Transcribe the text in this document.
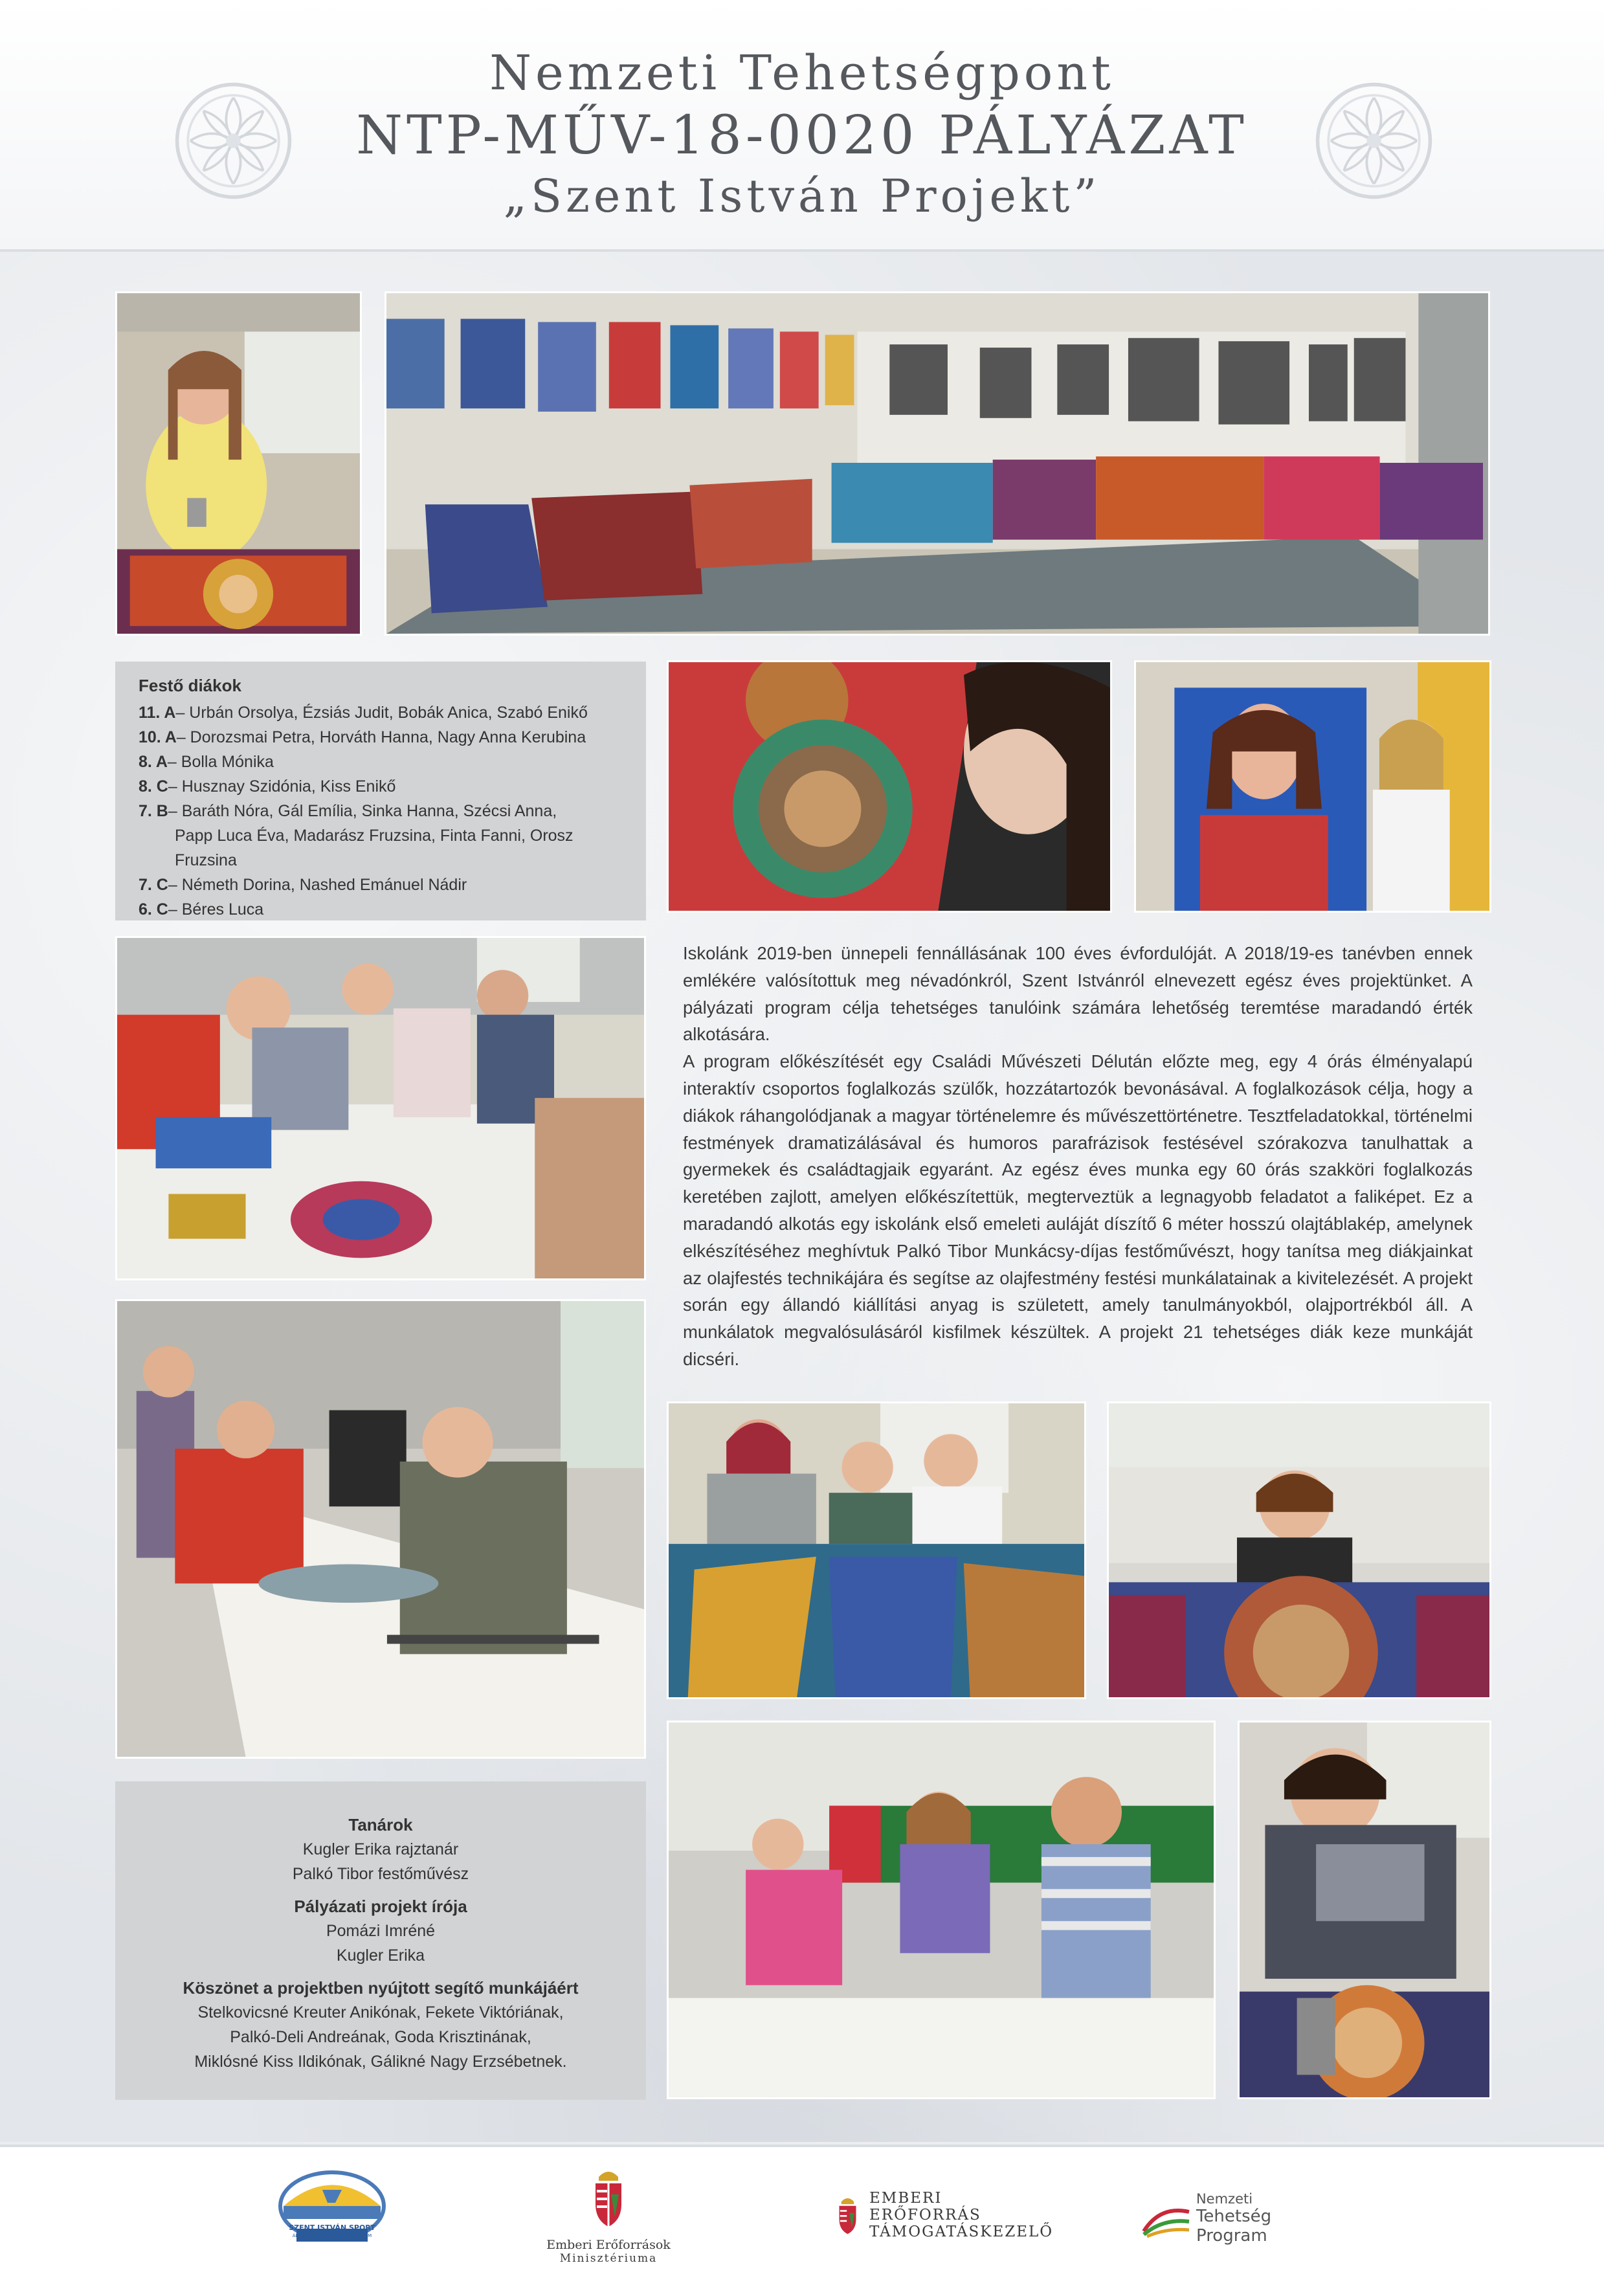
Nemzeti Tehetségpont
NTP-MŰV-18-0020 PÁLYÁZAT
„Szent István Projekt”
Festő diákok
11. A – Urbán Orsolya, Ézsiás Judit, Bobák Anica, Szabó Enikő
10. A – Dorozsmai Petra, Horváth Hanna, Nagy Anna Kerubina
8. A – Bolla Mónika
8. C – Husznay Szidónia, Kiss Enikő
7. B – Baráth Nóra, Gál Emília, Sinka Hanna, Szécsi Anna,
Papp Luca Éva, Madarász Fruzsina, Finta Fanni, Orosz Fruzsina
7. C – Németh Dorina, Nashed Emánuel Nádir
6. C – Béres Luca

Iskolánk 2019-ben ünnepeli fennállásának 100 éves évfordulóját. A 2018/19-es tanévben ennek emlékére valósítottuk meg névadónkról, Szent Istvánról elnevezett egész éves projektünket. A pályázati program célja tehetséges tanulóink számára lehetőség teremtése maradandó érték alkotására.

A program előkészítését egy Családi Művészeti Délután előzte meg, egy 4 órás élményalapú interaktív csoportos foglalkozás szülők, hozzátartozók bevonásával. A foglalkozások célja, hogy a diákok ráhangolódjanak a magyar történelemre és művészettörténetre. Tesztfeladatokkal, történelmi festmények dramatizálásával és humoros parafrázisok festésével szórakozva tanulhattak a gyermekek és családtagjaik egyaránt. Az egész éves munka egy 60 órás szakköri foglalkozás keretében zajlott, amelyen előkészítettük, megterveztük a legnagyobb feladatot a faliképet. Ez a maradandó alkotás egy iskolánk első emeleti auláját díszítő 6 méter hosszú olajtáblakép, amelynek elkészítéséhez meghívtuk Palkó Tibor Munkácsy-díjas festőművészt, hogy tanítsa meg diákjainkat az olajfestés technikájára és segítse az olajfestmény festési munkálatainak a kivitelezését. A projekt során egy állandó kiállítási anyag is született, amely tanulmányokból, olajportrékból áll. A munkálatok megvalósulásáról kisfilmek készültek. A projekt 21 tehetséges diák keze munkáját dicséri.

Tanárok
Kugler Erika rajztanár
Palkó Tibor festőművész
Pályázati projekt írója
Pomázi Imréné
Kugler Erika
Köszönet a projektben nyújtott segítő munkájáért
Stelkovicsné Kreuter Anikónak, Fekete Viktóriának,
Palkó-Deli Andreának, Goda Krisztinának,
Miklósné Kiss Ildikónak, Gálikné Nagy Erzsébetnek.
SZENT ISTVÁN SPORT
ÁLTALÁNOS ISKOLA ÉS GIMNÁZIUM
Emberi Erőforrások
Minisztériuma
EMBERI ERŐFORRÁS
TÁMOGATÁSKEZELŐ
Nemzeti
Tehetség Program
